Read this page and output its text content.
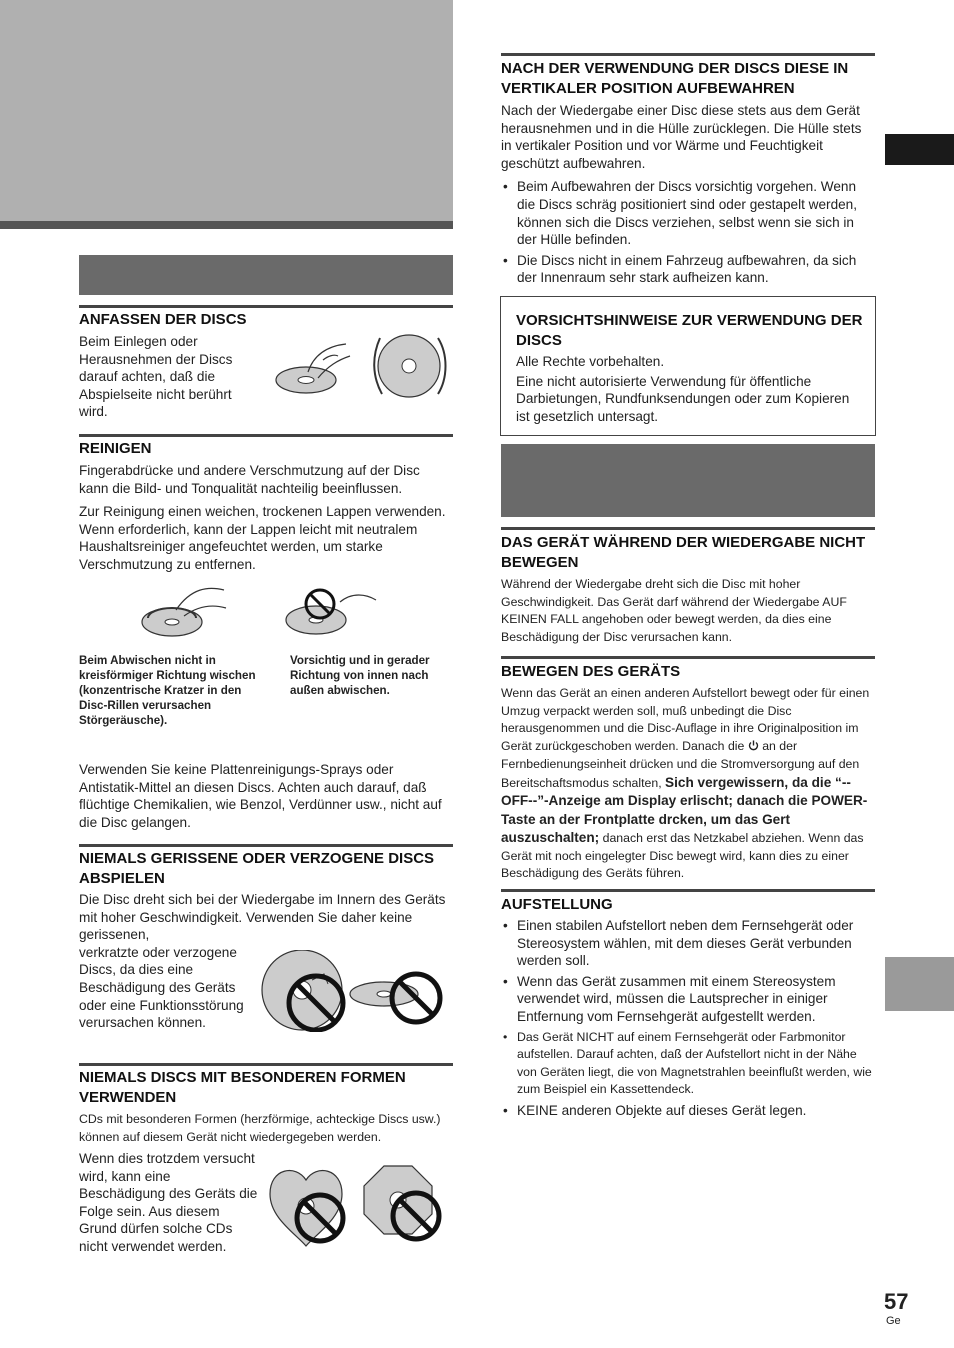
ANFASSEN DER DISCS

Beim Einlegen oder Herausnehmen der Discs darauf achten, daß die Abspielseite nicht berührt wird.

REINIGEN

Fingerabdrücke und andere Verschmutzung auf der Disc kann die Bild- und Tonqualität nachteilig beeinflussen.

Zur Reinigung einen weichen, trockenen Lappen verwenden. Wenn erforderlich, kann der Lappen leicht mit neutralem Haushaltsreiniger angefeuchtet werden, um starke Verschmutzung zu entfernen.

Beim Abwischen nicht in kreisförmiger Richtung wischen (konzentrische Kratzer in den Disc-Rillen verursachen Störgeräusche).

Vorsichtig und in gerader Richtung von innen nach außen abwischen.

Verwenden Sie keine Plattenreinigungs-Sprays oder Antistatik-Mittel an diesen Discs. Achten auch darauf, daß flüchtige Chemikalien, wie Benzol, Verdünner usw., nicht auf die Disc gelangen.

NIEMALS GERISSENE ODER VERZOGENE DISCS ABSPIELEN

Die Disc dreht sich bei der Wiedergabe im Innern des Geräts mit hoher Geschwindigkeit. Verwenden Sie daher keine gerissenen,

verkratzte oder verzogene Discs, da dies eine Beschädigung des Geräts oder eine Funktionsstörung verursachen können.

NIEMALS DISCS MIT BESONDEREN FORMEN VERWENDEN

CDs mit besonderen Formen (herzförmige, achteckige Discs usw.) können auf diesem Gerät nicht wiedergegeben werden.

Wenn dies trotzdem versucht wird, kann eine Beschädigung des Geräts die Folge sein. Aus diesem Grund dürfen solche CDs nicht verwendet werden.

NACH DER VERWENDUNG DER DISCS DIESE IN VERTIKALER POSITION AUFBEWAHREN

Nach der Wiedergabe einer Disc diese stets aus dem Gerät herausnehmen und in die Hülle zurücklegen. Die Hülle stets in vertikaler Position und vor Wärme und Feuchtigkeit geschützt aufbewahren.

• Beim Aufbewahren der Discs vorsichtig vorgehen. Wenn die Discs schräg positioniert sind oder gestapelt werden, können sich die Discs verziehen, selbst wenn sie sich in der Hülle befinden.
• Die Discs nicht in einem Fahrzeug aufbewahren, da sich der Innenraum sehr stark aufheizen kann.

VORSICHTSHINWEISE ZUR VERWENDUNG DER DISCS

Alle Rechte vorbehalten.

Eine nicht autorisierte Verwendung für öffentliche Darbietungen, Rundfunksendungen oder zum Kopieren ist gesetzlich untersagt.

DAS GERÄT WÄHREND DER WIEDERGABE NICHT BEWEGEN

Während der Wiedergabe dreht sich die Disc mit hoher Geschwindigkeit. Das Gerät darf während der Wiedergabe AUF KEINEN FALL angehoben oder bewegt werden, da dies eine Beschädigung der Disc verursachen kann.

BEWEGEN DES GERÄTS

Wenn das Gerät an einen anderen Aufstellort bewegt oder für einen Umzug verpackt werden soll, muß unbedingt die Disc herausgenommen und die Disc-Auflage in ihre Originalposition im Gerät zurückgeschoben werden. Danach die an der Fernbedienungseinheit drücken und die Stromversorgung auf den Bereitschaftsmodus schalten, Sich vergewissern, da die “--OFF--”-Anzeige am Display erlischt; danach die POWER-Taste an der Frontplatte drcken, um das Gert auszuschalten; danach erst das Netzkabel abziehen. Wenn das Gerät mit noch eingelegter Disc bewegt wird, kann dies zu einer Beschädigung des Geräts führen.

AUFSTELLUNG

• Einen stabilen Aufstellort neben dem Fernsehgerät oder Stereosystem wählen, mit dem dieses Gerät verbunden werden soll.
• Wenn das Gerät zusammen mit einem Stereosystem verwendet wird, müssen die Lautsprecher in einiger Entfernung vom Fernsehgerät aufgestellt werden.
• Das Gerät NICHT auf einem Fernsehgerät oder Farbmonitor aufstellen. Darauf achten, daß der Aufstellort nicht in der Nähe von Geräten liegt, die von Magnetstrahlen beeinflußt werden, wie zum Beispiel ein Kassettendeck.
• KEINE anderen Objekte auf dieses Gerät legen.
57
Ge
